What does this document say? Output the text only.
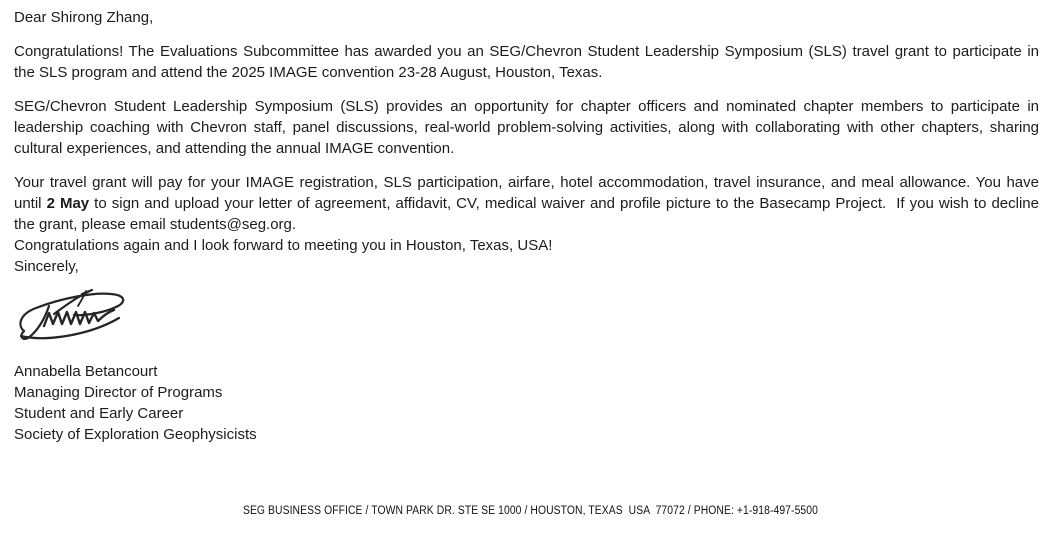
Dear Shirong Zhang,

Congratulations! The Evaluations Subcommittee has awarded you an SEG/Chevron Student Leadership Symposium (SLS) travel grant to participate in the SLS program and attend the 2025 IMAGE convention 23-28 August, Houston, Texas.

SEG/Chevron Student Leadership Symposium (SLS) provides an opportunity for chapter officers and nominated chapter members to participate in leadership coaching with Chevron staff, panel discussions, real-world problem-solving activities, along with collaborating with other chapters, sharing cultural experiences, and attending the annual IMAGE convention.

Your travel grant will pay for your IMAGE registration, SLS participation, airfare, hotel accommodation, travel insurance, and meal allowance. You have until 2 May to sign and upload your letter of agreement, affidavit, CV, medical waiver and profile picture to the Basecamp Project.  If you wish to decline the grant, please email students@seg.org.

Congratulations again and I look forward to meeting you in Houston, Texas, USA!

Sincerely,

Annabella Betancourt

Managing Director of Programs

Student and Early Career

Society of Exploration Geophysicists

SEG BUSINESS OFFICE / TOWN PARK DR. STE SE 1000 / HOUSTON, TEXAS  USA  77072 / PHONE: +1-918-497-5500
